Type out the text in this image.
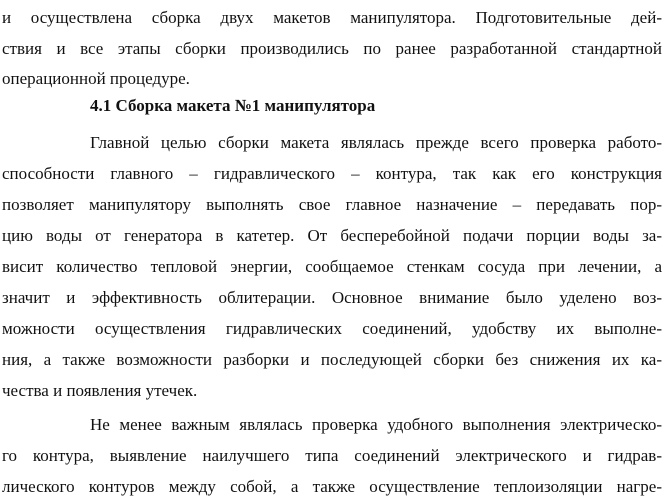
и осуществлена сборка двух макетов манипулятора. Подготовительные дей-
ствия и все этапы сборки производились по ранее разработанной стандартной
операционной процедуре.
4.1 Сборка макета №1 манипулятора
Главной целью сборки макета являлась прежде всего проверка работо-
способности главного – гидравлического – контура, так как его конструкция
позволяет манипулятору выполнять свое главное назначение – передавать пор-
цию воды от генератора в катетер. От бесперебойной подачи порции воды за-
висит количество тепловой энергии, сообщаемое стенкам сосуда при лечении, а
значит и эффективность облитерации. Основное внимание было уделено воз-
можности осуществления гидравлических соединений, удобству их выполне-
ния, а также возможности разборки и последующей сборки без снижения их ка-
чества и появления утечек.
Не менее важным являлась проверка удобного выполнения электрическо-
го контура, выявление наилучшего типа соединений электрического и гидрав-
лического контуров между собой, а также осуществление теплоизоляции нагре-
